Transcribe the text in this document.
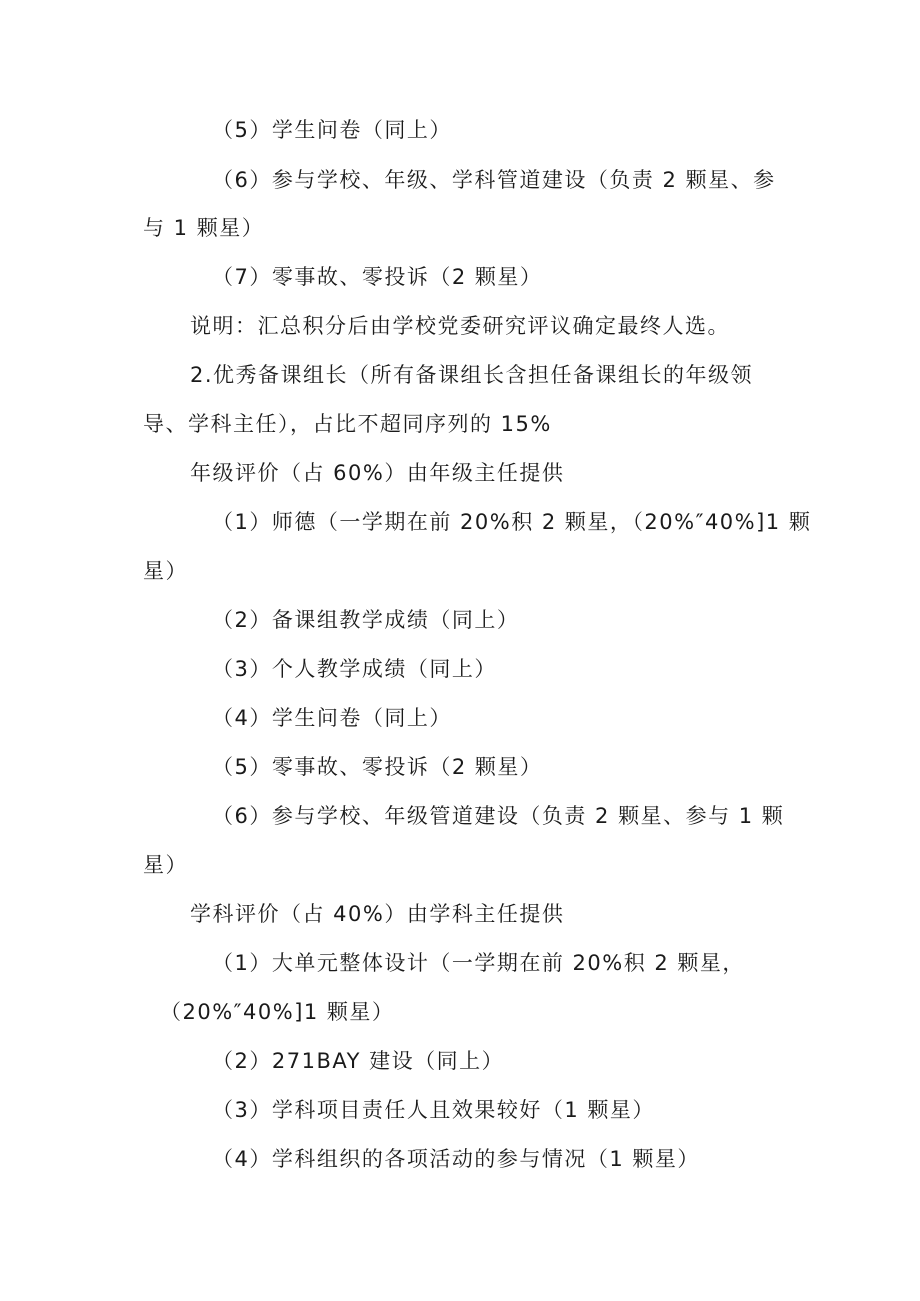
（5）学生问卷（同上）
（6）参与学校、年级、学科管道建设（负责 2 颗星、参
与 1 颗星）
（7）零事故、零投诉（2 颗星）
说明：汇总积分后由学校党委研究评议确定最终人选。
2.优秀备课组长（所有备课组长含担任备课组长的年级领
导、学科主任），占比不超同序列的 15%
年级评价（占 60%）由年级主任提供
（1）师德（一学期在前 20%积 2 颗星，（20%″40%]1 颗
星）
（2）备课组教学成绩（同上）
（3）个人教学成绩（同上）
（4）学生问卷（同上）
（5）零事故、零投诉（2 颗星）
（6）参与学校、年级管道建设（负责 2 颗星、参与 1 颗
星）
学科评价（占 40%）由学科主任提供
（1）大单元整体设计（一学期在前 20%积 2 颗星，
（20%″40%]1 颗星）
（2）271BAY 建设（同上）
（3）学科项目责任人且效果较好（1 颗星）
（4）学科组织的各项活动的参与情况（1 颗星）
